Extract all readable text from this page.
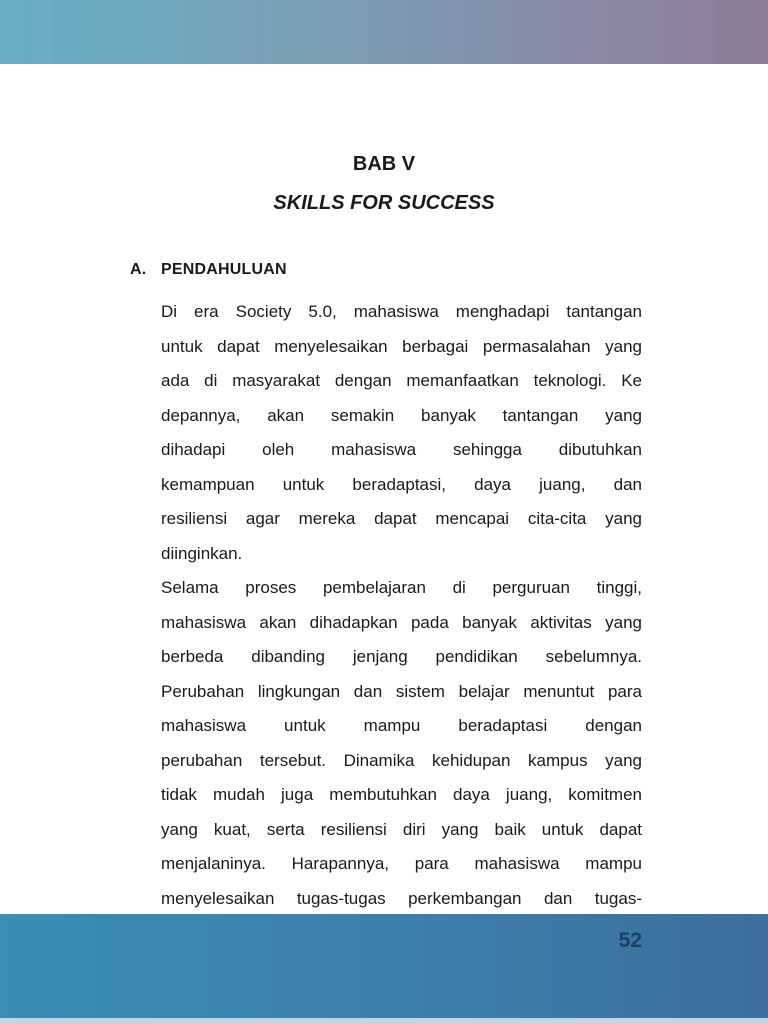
BAB V
SKILLS FOR SUCCESS
A. PENDAHULUAN
Di era Society 5.0, mahasiswa menghadapi tantangan
untuk dapat menyelesaikan berbagai permasalahan yang
ada di masyarakat dengan memanfaatkan teknologi. Ke
depannya, akan semakin banyak tantangan yang
dihadapi oleh mahasiswa sehingga dibutuhkan
kemampuan untuk beradaptasi, daya juang, dan
resiliensi agar mereka dapat mencapai cita-cita yang
diinginkan.
Selama proses pembelajaran di perguruan tinggi,
mahasiswa akan dihadapkan pada banyak aktivitas yang
berbeda dibanding jenjang pendidikan sebelumnya.
Perubahan lingkungan dan sistem belajar menuntut para
mahasiswa untuk mampu beradaptasi dengan
perubahan tersebut. Dinamika kehidupan kampus yang
tidak mudah juga membutuhkan daya juang, komitmen
yang kuat, serta resiliensi diri yang baik untuk dapat
menjalaninya. Harapannya, para mahasiswa mampu
menyelesaikan tugas-tugas perkembangan dan tugas-
52
